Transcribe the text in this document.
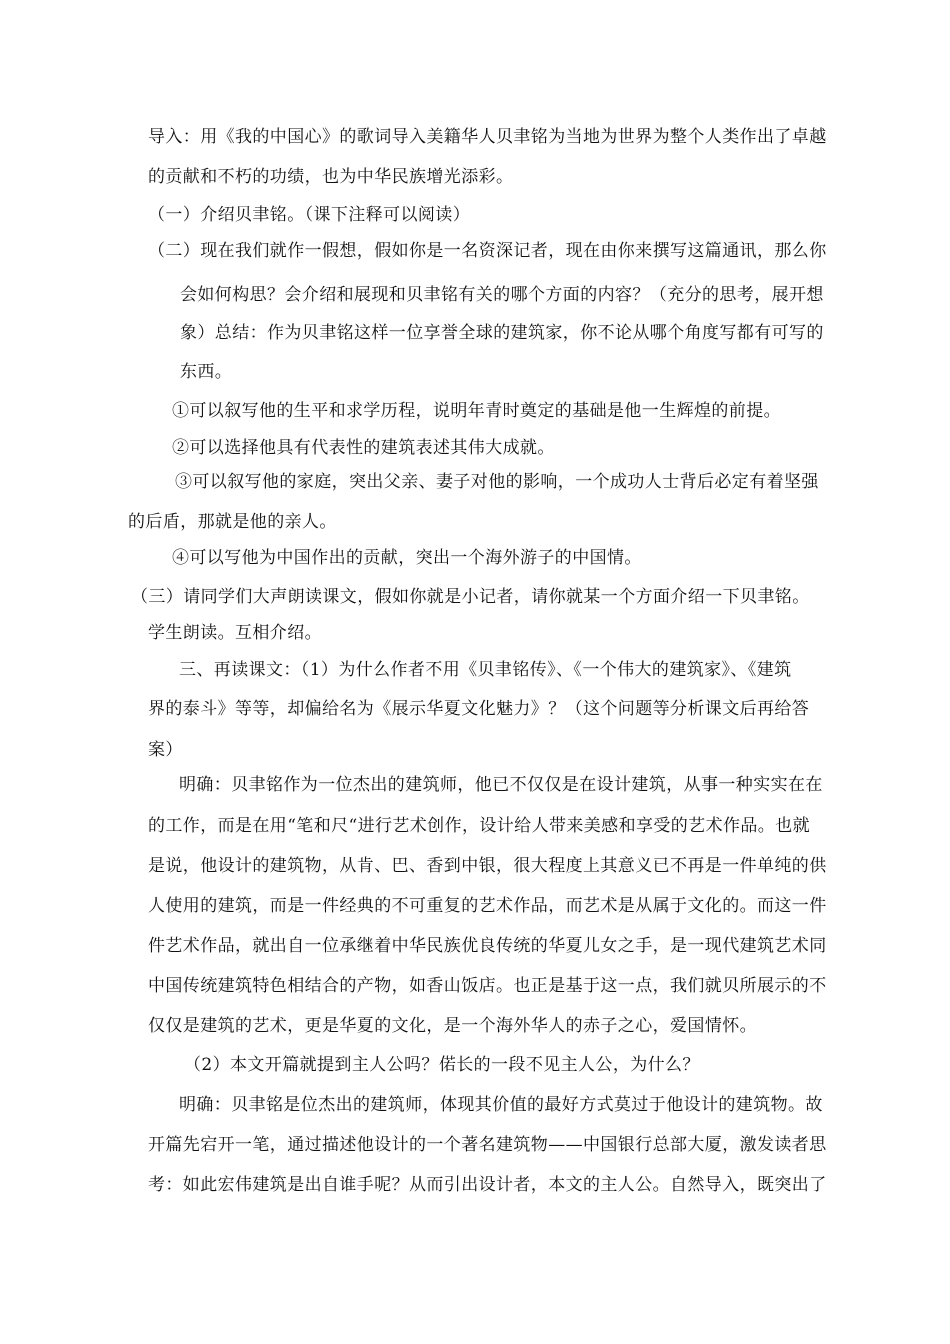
导入：用《我的中国心》的歌词导入美籍华人贝聿铭为当地为世界为整个人类作出了卓越
的贡献和不朽的功绩，也为中华民族增光添彩。
（一）介绍贝聿铭。（课下注释可以阅读）
（二）现在我们就作一假想，假如你是一名资深记者，现在由你来撰写这篇通讯，那么你
会如何构思？会介绍和展现和贝聿铭有关的哪个方面的内容？（充分的思考，展开想
象）总结：作为贝聿铭这样一位享誉全球的建筑家，你不论从哪个角度写都有可写的
东西。
①可以叙写他的生平和求学历程，说明年青时奠定的基础是他一生辉煌的前提。
②可以选择他具有代表性的建筑表述其伟大成就。
③可以叙写他的家庭，突出父亲、妻子对他的影响，一个成功人士背后必定有着坚强
的后盾，那就是他的亲人。
④可以写他为中国作出的贡献，突出一个海外游子的中国情。
（三）请同学们大声朗读课文，假如你就是小记者，请你就某一个方面介绍一下贝聿铭。
学生朗读。互相介绍。
三、再读课文：（1）为什么作者不用《贝聿铭传》、《一个伟大的建筑家》、《建筑
界的泰斗》等等，却偏给名为《展示华夏文化魅力》？（这个问题等分析课文后再给答
案）
明确：贝聿铭作为一位杰出的建筑师，他已不仅仅是在设计建筑，从事一种实实在在
的工作，而是在用“笔和尺“进行艺术创作，设计给人带来美感和享受的艺术作品。也就
是说，他设计的建筑物，从肯、巴、香到中银，很大程度上其意义已不再是一件单纯的供
人使用的建筑，而是一件经典的不可重复的艺术作品，而艺术是从属于文化的。而这一件
件艺术作品，就出自一位承继着中华民族优良传统的华夏儿女之手，是一现代建筑艺术同
中国传统建筑特色相结合的产物，如香山饭店。也正是基于这一点，我们就贝所展示的不
仅仅是建筑的艺术，更是华夏的文化，是一个海外华人的赤子之心，爱国情怀。
（2）本文开篇就提到主人公吗？偌长的一段不见主人公，为什么？
明确：贝聿铭是位杰出的建筑师，体现其价值的最好方式莫过于他设计的建筑物。故
开篇先宕开一笔，通过描述他设计的一个著名建筑物——中国银行总部大厦，激发读者思
考：如此宏伟建筑是出自谁手呢？从而引出设计者，本文的主人公。自然导入，既突出了
